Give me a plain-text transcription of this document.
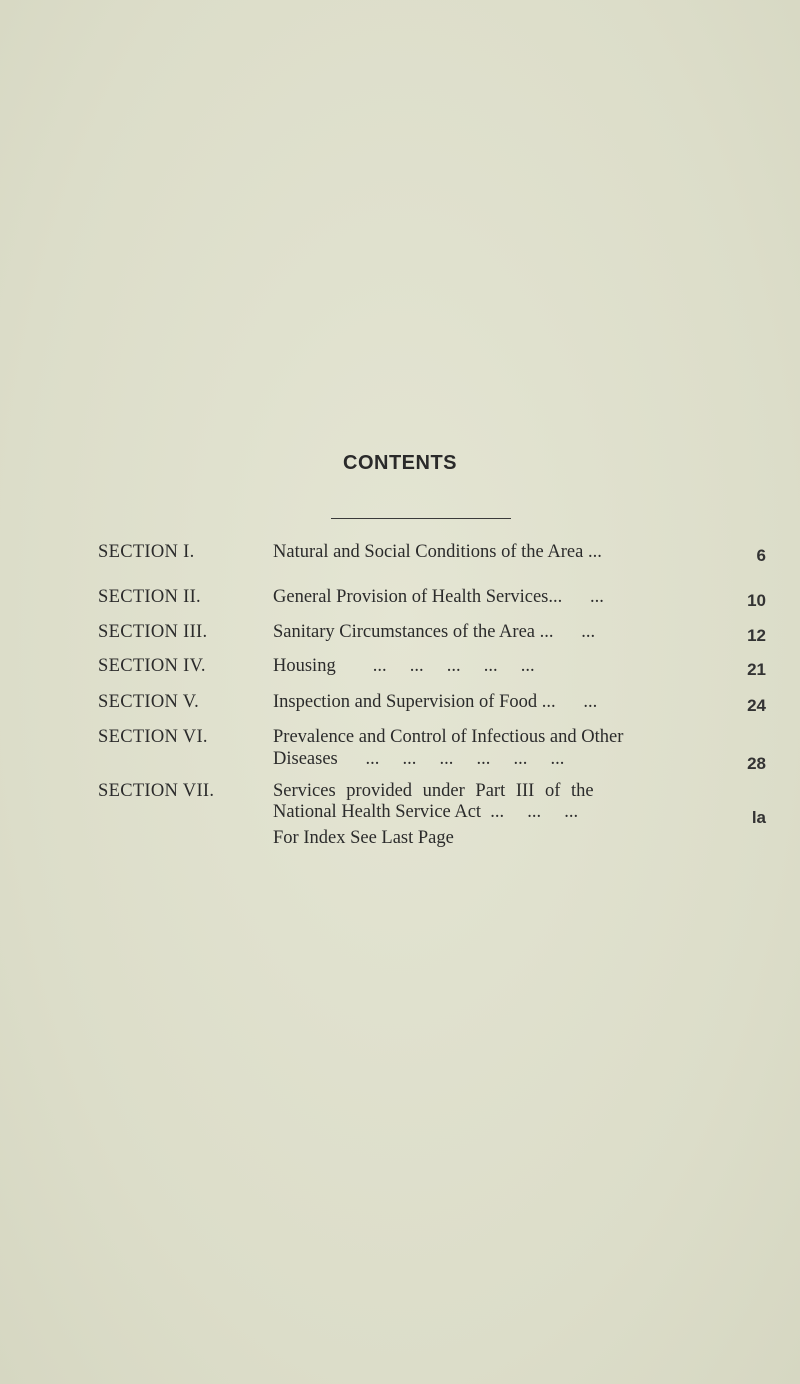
CONTENTS
SECTION I.	Natural and Social Conditions of the Area ...	6
SECTION II.	General Provision of Health Services...      ...	10
SECTION III.	Sanitary Circumstances of the Area ...      ...	12
SECTION IV.	Housing        ...     ...     ...     ...     ...	21
SECTION V.	Inspection and Supervision of Food ...      ...	24
SECTION VI.	Prevalence and Control of Infectious and Other
Diseases      ...     ...     ...     ...     ...     ...	28
SECTION VII.	Services provided under Part III of the
National Health Service Act  ...     ...     ...	la
For Index See Last Page
